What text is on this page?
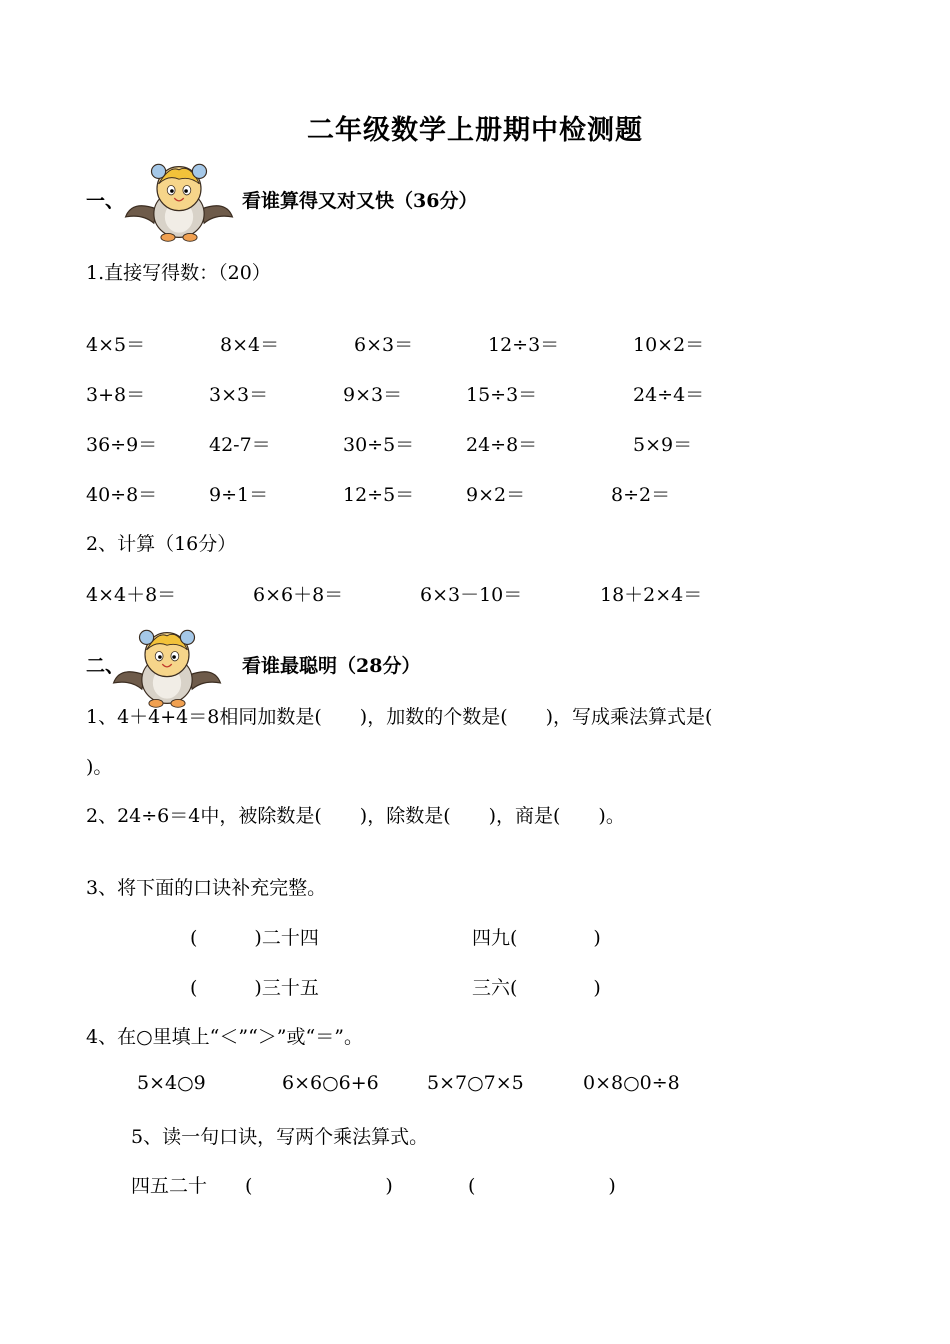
二年级数学上册期中检测题
一、	看谁算得又对又快（36分）
1.直接写得数：（20）
4×5＝	8×4＝	6×3＝	12÷3＝	10×2＝
3+8＝	3×3＝	9×3＝	15÷3＝	24÷4＝
36÷9＝	42-7＝	30÷5＝	24÷8＝	5×9＝
40÷8＝	9÷1＝	12÷5＝	9×2＝	8÷2＝
2、计算（16分）
4×4＋8＝	6×6＋8＝	6×3－10＝	18＋2×4＝
二、	看谁最聪明（28分）
1、4＋4+4＝8相同加数是(　　)，加数的个数是(　　)，写成乘法算式是(
)。
2、24÷6＝4中，被除数是(　　)，除数是(　　)，商是(　　)。
3、将下面的口诀补充完整。
(　　　)二十四	四九(　　　　)
(　　　)三十五	三六(　　　　)
4、在○里填上“＜”“＞”或“＝”。
5×4○9	6×6○6+6	5×7○7×5	0×8○0÷8
5、读一句口诀，写两个乘法算式。
四五二十 (　　　　　　　)	(　　　　　　　)
